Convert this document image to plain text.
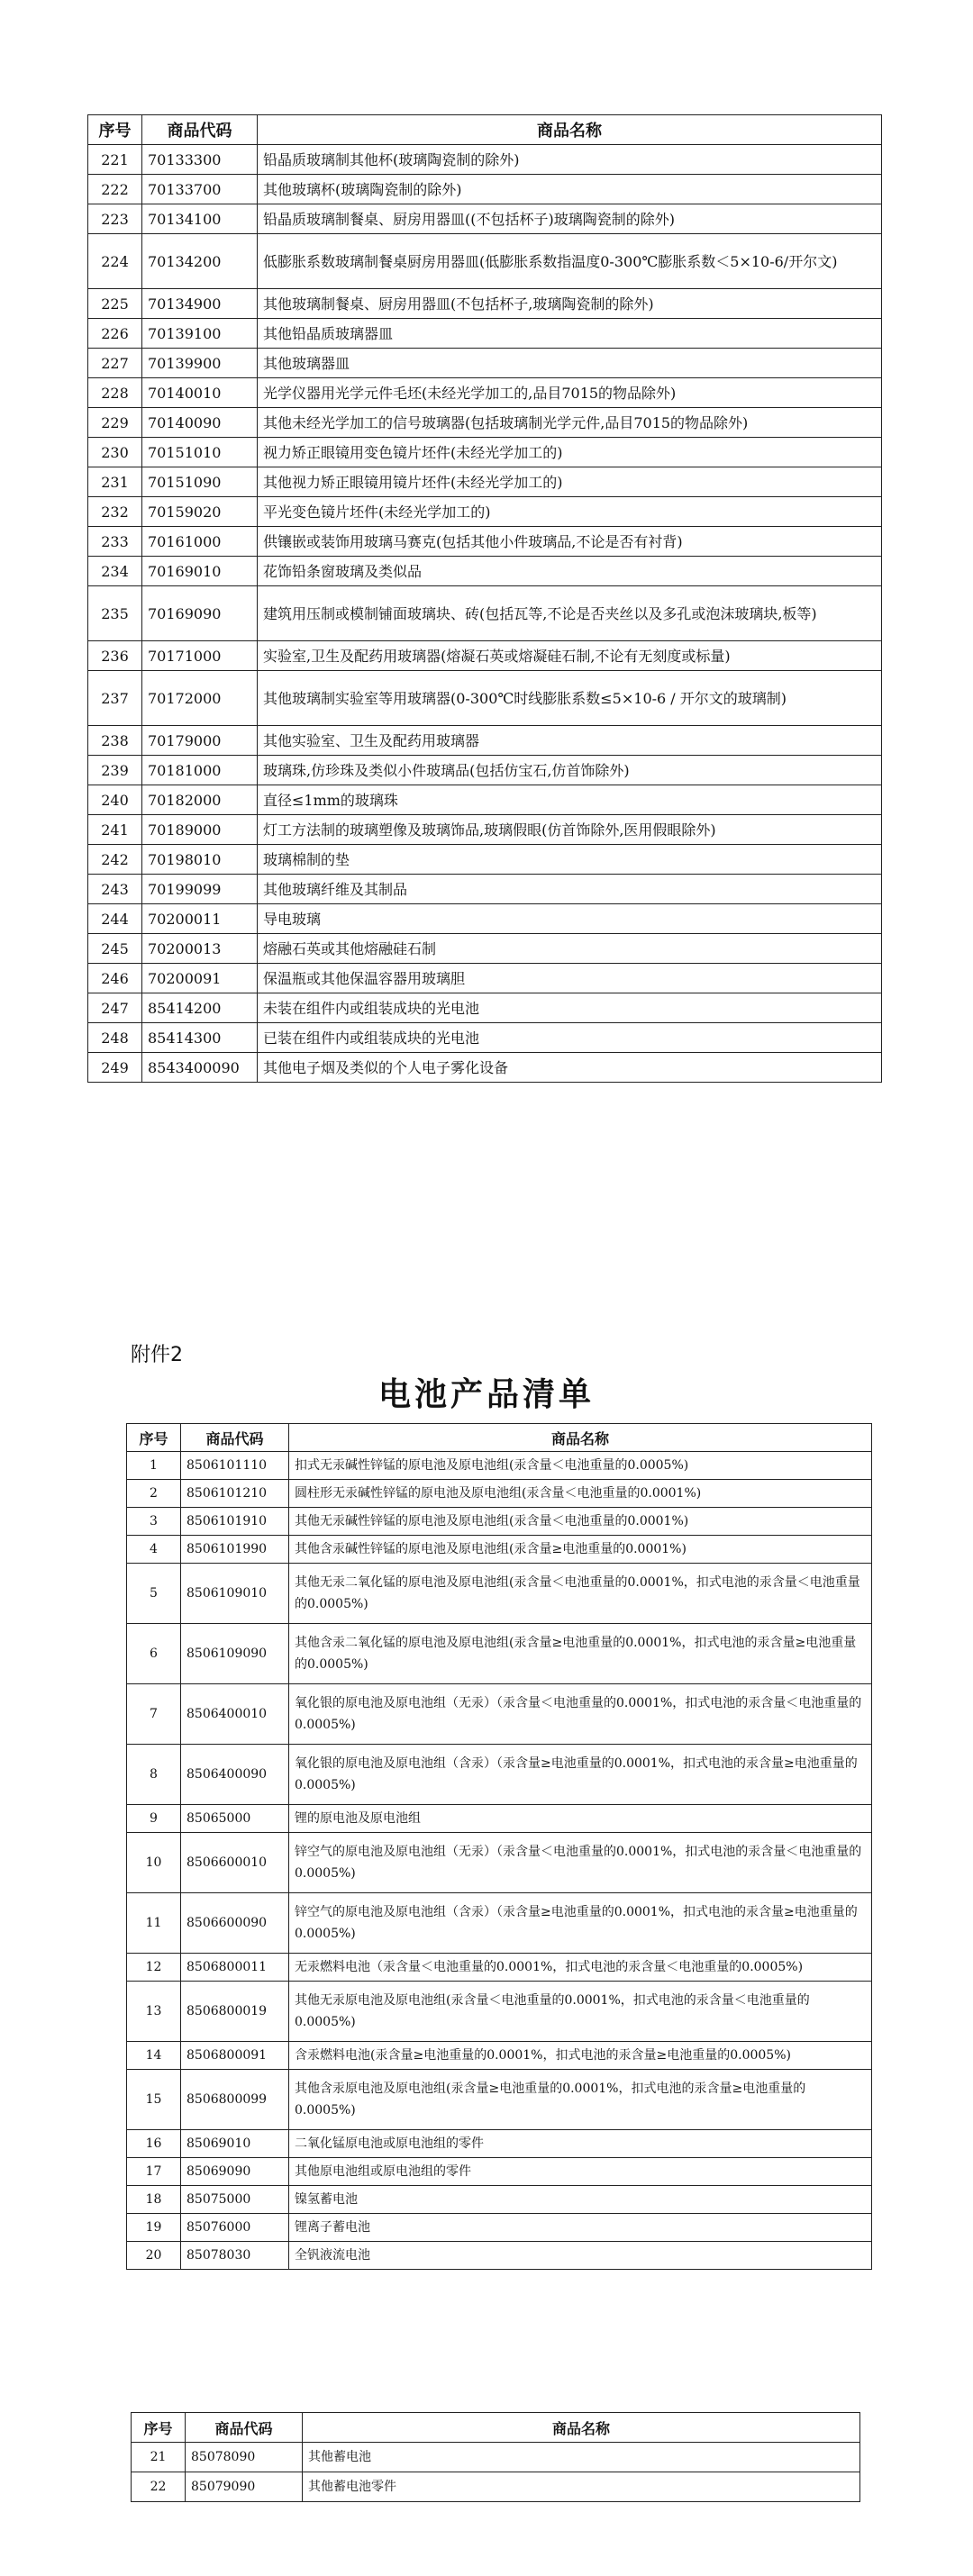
序号	商品代码	商品名称
221	70133300	铅晶质玻璃制其他杯(玻璃陶瓷制的除外)
222	70133700	其他玻璃杯(玻璃陶瓷制的除外)
223	70134100	铅晶质玻璃制餐桌、厨房用器皿((不包括杯子)玻璃陶瓷制的除外)
224	70134200	低膨胀系数玻璃制餐桌厨房用器皿(低膨胀系数指温度0-300℃膨胀系数＜5×10-6/开尔文)
225	70134900	其他玻璃制餐桌、厨房用器皿(不包括杯子,玻璃陶瓷制的除外)
226	70139100	其他铅晶质玻璃器皿
227	70139900	其他玻璃器皿
228	70140010	光学仪器用光学元件毛坯(未经光学加工的,品目7015的物品除外)
229	70140090	其他未经光学加工的信号玻璃器(包括玻璃制光学元件,品目7015的物品除外)
230	70151010	视力矫正眼镜用变色镜片坯件(未经光学加工的)
231	70151090	其他视力矫正眼镜用镜片坯件(未经光学加工的)
232	70159020	平光变色镜片坯件(未经光学加工的)
233	70161000	供镶嵌或装饰用玻璃马赛克(包括其他小件玻璃品,不论是否有衬背)
234	70169010	花饰铅条窗玻璃及类似品
235	70169090	建筑用压制或模制铺面玻璃块、砖(包括瓦等,不论是否夹丝以及多孔或泡沫玻璃块,板等)
236	70171000	实验室,卫生及配药用玻璃器(熔凝石英或熔凝硅石制,不论有无刻度或标量)
237	70172000	其他玻璃制实验室等用玻璃器(0-300℃时线膨胀系数≤5×10-6 / 开尔文的玻璃制)
238	70179000	其他实验室、卫生及配药用玻璃器
239	70181000	玻璃珠,仿珍珠及类似小件玻璃品(包括仿宝石,仿首饰除外)
240	70182000	直径≤1mm的玻璃珠
241	70189000	灯工方法制的玻璃塑像及玻璃饰品,玻璃假眼(仿首饰除外,医用假眼除外)
242	70198010	玻璃棉制的垫
243	70199099	其他玻璃纤维及其制品
244	70200011	导电玻璃
245	70200013	熔融石英或其他熔融硅石制
246	70200091	保温瓶或其他保温容器用玻璃胆
247	85414200	未装在组件内或组装成块的光电池
248	85414300	已装在组件内或组装成块的光电池
249	8543400090	其他电子烟及类似的个人电子雾化设备
附件2
电池产品清单
序号	商品代码	商品名称
1	8506101110	扣式无汞碱性锌锰的原电池及原电池组(汞含量＜电池重量的0.0005%)
2	8506101210	圆柱形无汞碱性锌锰的原电池及原电池组(汞含量＜电池重量的0.0001%)
3	8506101910	其他无汞碱性锌锰的原电池及原电池组(汞含量＜电池重量的0.0001%)
4	8506101990	其他含汞碱性锌锰的原电池及原电池组(汞含量≥电池重量的0.0001%)
5	8506109010	其他无汞二氧化锰的原电池及原电池组(汞含量＜电池重量的0.0001%，扣式电池的汞含量＜电池重量的0.0005%)
6	8506109090	其他含汞二氧化锰的原电池及原电池组(汞含量≥电池重量的0.0001%，扣式电池的汞含量≥电池重量的0.0005%)
7	8506400010	氧化银的原电池及原电池组（无汞）（汞含量＜电池重量的0.0001%，扣式电池的汞含量＜电池重量的0.0005%)
8	8506400090	氧化银的原电池及原电池组（含汞）（汞含量≥电池重量的0.0001%，扣式电池的汞含量≥电池重量的0.0005%)
9	85065000	锂的原电池及原电池组
10	8506600010	锌空气的原电池及原电池组（无汞）（汞含量＜电池重量的0.0001%，扣式电池的汞含量＜电池重量的0.0005%)
11	8506600090	锌空气的原电池及原电池组（含汞）（汞含量≥电池重量的0.0001%，扣式电池的汞含量≥电池重量的0.0005%)
12	8506800011	无汞燃料电池（汞含量＜电池重量的0.0001%，扣式电池的汞含量＜电池重量的0.0005%)
13	8506800019	其他无汞原电池及原电池组(汞含量＜电池重量的0.0001%，扣式电池的汞含量＜电池重量的0.0005%)
14	8506800091	含汞燃料电池(汞含量≥电池重量的0.0001%，扣式电池的汞含量≥电池重量的0.0005%)
15	8506800099	其他含汞原电池及原电池组(汞含量≥电池重量的0.0001%，扣式电池的汞含量≥电池重量的0.0005%)
16	85069010	二氧化锰原电池或原电池组的零件
17	85069090	其他原电池组或原电池组的零件
18	85075000	镍氢蓄电池
19	85076000	锂离子蓄电池
20	85078030	全钒液流电池
序号	商品代码	商品名称
21	85078090	其他蓄电池
22	85079090	其他蓄电池零件
